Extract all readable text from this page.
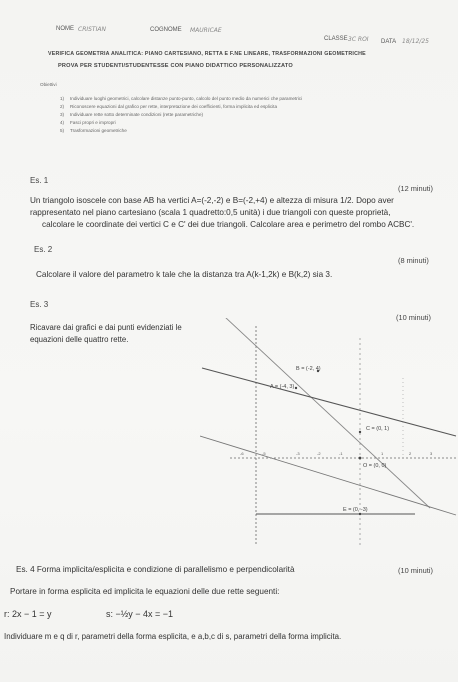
NOME CRISTIAN	COGNOME MAURICAE
CLASSE 3C ROI DATA 18/12/25
VERIFICA GEOMETRIA ANALITICA: PIANO CARTESIANO, RETTA E F.NE LINEARE, TRASFORMAZIONI GEOMETRICHE
PROVA PER STUDENTI/STUDENTESSE CON PIANO DIDATTICO PERSONALIZZATO
Obiettivi
1) Individuare luoghi geometrici, calcolare distanze punto-punto, calcolo del punto medio da numerici che parametrici
2) Riconoscere equazioni dal grafico per rette, interpretazione dei coefficienti, forma implicita ed esplicita
3) Individuare rette sotto determinate condizioni (rette parametriche)
4) Fasci propri e impropri
5) Trasformazioni geometriche
Es. 1
(12 minuti)
Un triangolo isoscele con base AB ha vertici A=(-2,-2) e B=(-2,+4) e altezza di misura 1/2. Dopo aver
rappresentato nel piano cartesiano (scala 1 quadretto:0,5 unità) i due triangoli con queste proprietà,
calcolare le coordinate dei vertici C e C' dei due triangoli. Calcolare area e perimetro del rombo ACBC'.
Es. 2
(8 minuti)
Calcolare il valore del parametro k tale che la distanza tra A(k-1,2k) e B(k,2) sia 3.
Es. 3
(10 minuti)
Ricavare dai grafici e dai punti evidenziati le
equazioni delle quattro rette.
-6	-5	-3	-2	-1	1	2	3
B = (-2, 4)
A = (-4, 3)
C = (0, 1)
O = (0, 0)
E = (0, -3)
Es. 4 Forma implicita/esplicita e condizione di parallelismo e perpendicolarità	(10 minuti)
Portare in forma esplicita ed implicita le equazioni delle due rette seguenti:
r: 2x − 1 = y	s: −½y − 4x = −1
Individuare m e q di r, parametri della forma esplicita, e a,b,c di s, parametri della forma implicita.
